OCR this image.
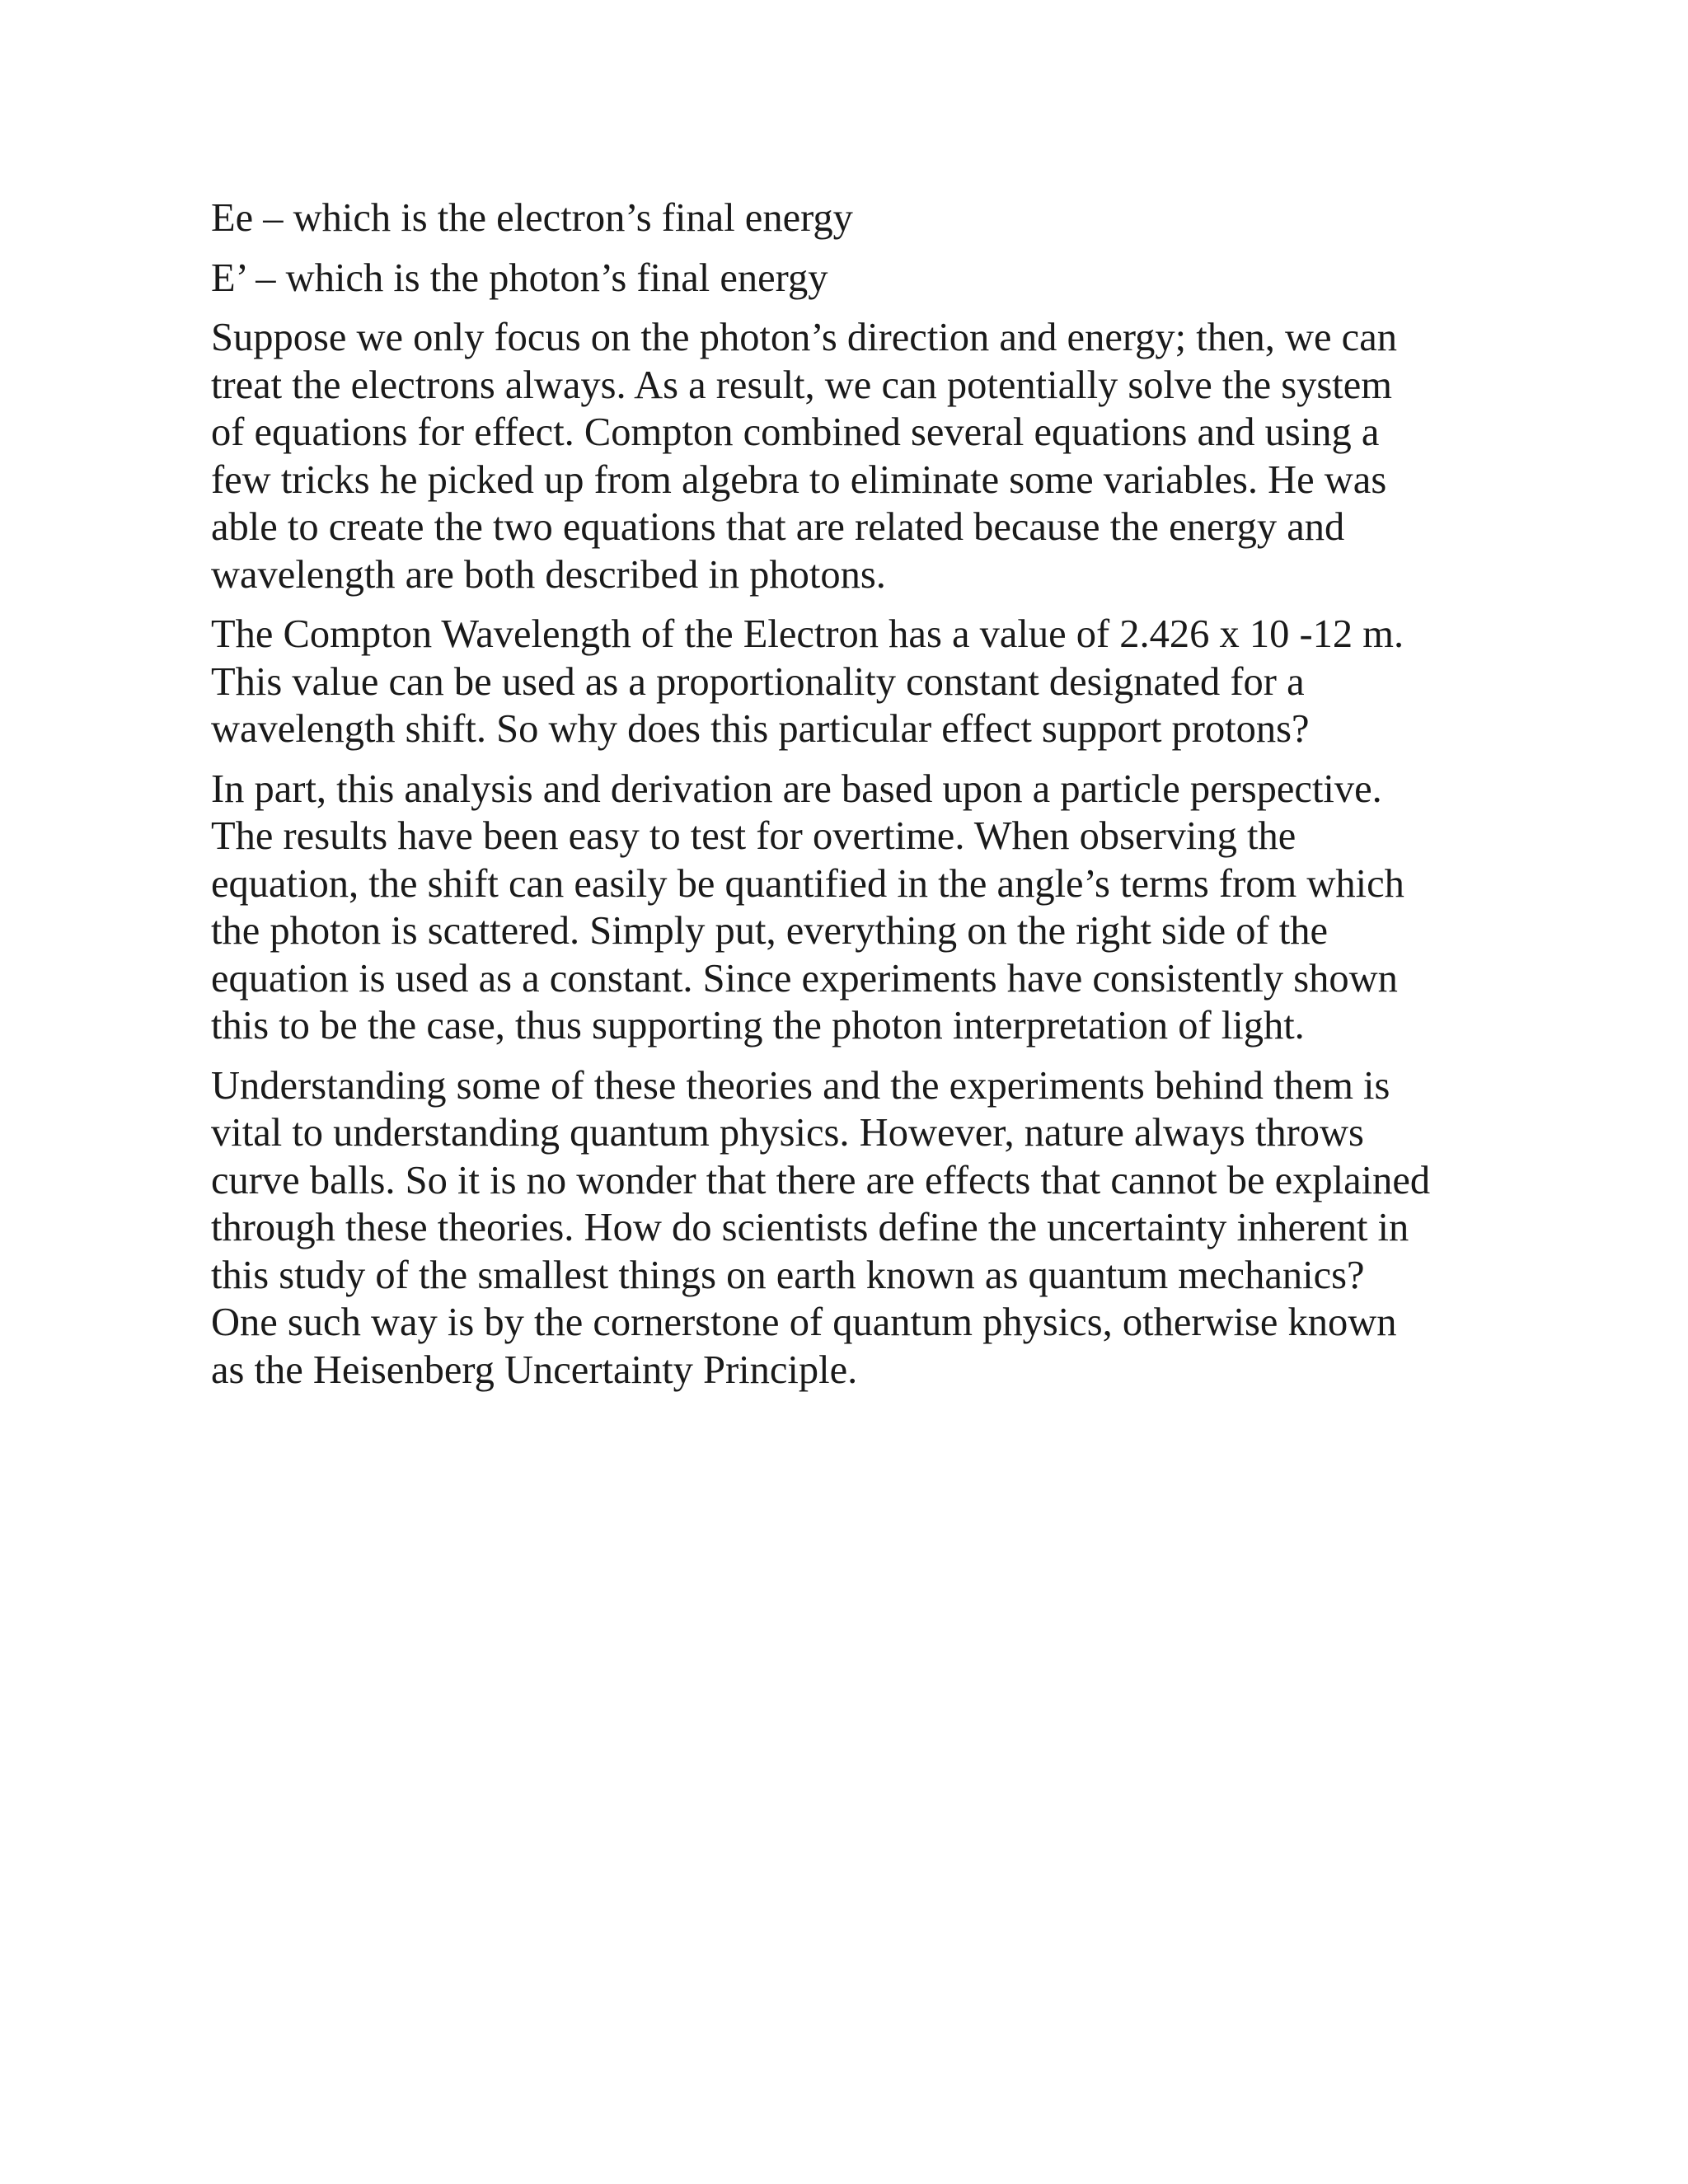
Ee – which is the electron’s final energy

E’ – which is the photon’s final energy

Suppose we only focus on the photon’s direction and energy; then, we can
treat the electrons always. As a result, we can potentially solve the system
of equations for effect. Compton combined several equations and using a
few tricks he picked up from algebra to eliminate some variables. He was
able to create the two equations that are related because the energy and
wavelength are both described in photons.

The Compton Wavelength of the Electron has a value of 2.426 x 10 -12 m.
This value can be used as a proportionality constant designated for a
wavelength shift. So why does this particular effect support protons?

In part, this analysis and derivation are based upon a particle perspective.
The results have been easy to test for overtime. When observing the
equation, the shift can easily be quantified in the angle’s terms from which
the photon is scattered. Simply put, everything on the right side of the
equation is used as a constant. Since experiments have consistently shown
this to be the case, thus supporting the photon interpretation of light.

Understanding some of these theories and the experiments behind them is
vital to understanding quantum physics. However, nature always throws
curve balls. So it is no wonder that there are effects that cannot be explained
through these theories. How do scientists define the uncertainty inherent in
this study of the smallest things on earth known as quantum mechanics?
One such way is by the cornerstone of quantum physics, otherwise known
as the Heisenberg Uncertainty Principle.
